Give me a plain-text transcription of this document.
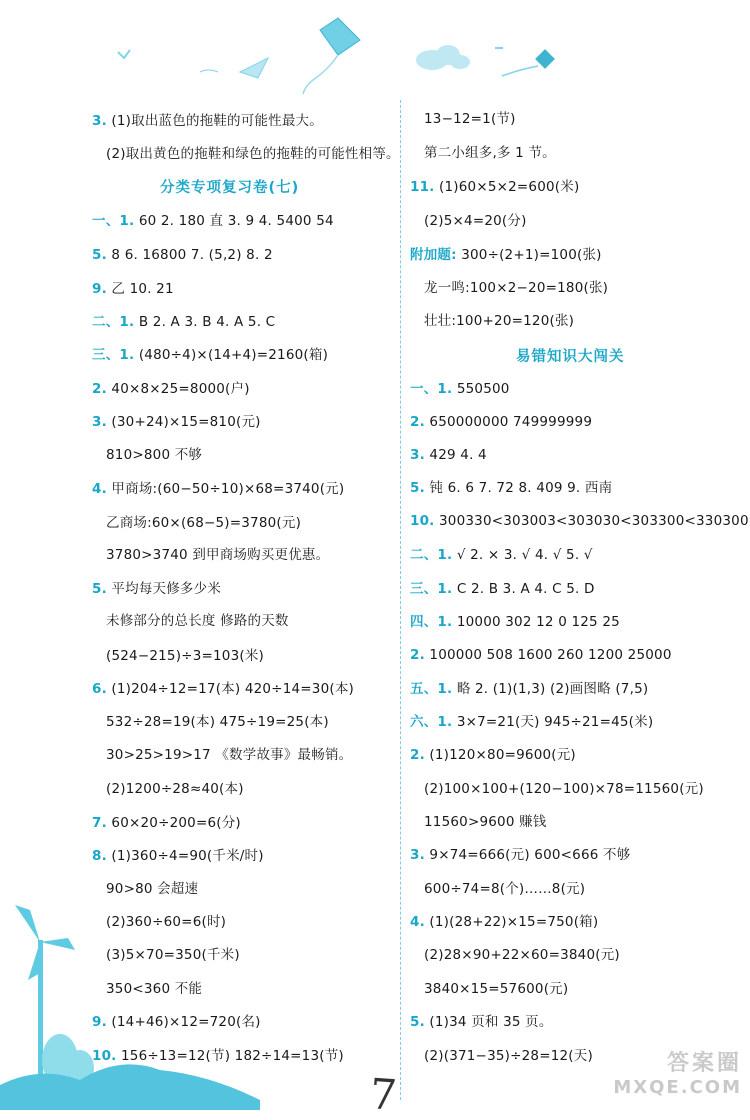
3. (1)取出蓝色的拖鞋的可能性最大。
(2)取出黄色的拖鞋和绿色的拖鞋的可能性相等。
一、1. 60 2. 180 直 3. 9 4. 5400 54
5. 8 6. 16800 7. (5,2) 8. 2
9. 乙 10. 21
二、1. B 2. A 3. B 4. A 5. C
三、1. (480÷4)×(14+4)=2160(箱)
2. 40×8×25=8000(户)
3. (30+24)×15=810(元)
810>800 不够
4. 甲商场:(60−50÷10)×68=3740(元)
乙商场:60×(68−5)=3780(元)
3780>3740 到甲商场购买更优惠。
5. 平均每天修多少米
未修部分的总长度 修路的天数
(524−215)÷3=103(米)
6. (1)204÷12=17(本) 420÷14=30(本)
532÷28=19(本) 475÷19=25(本)
30>25>19>17 《数学故事》最畅销。
(2)1200÷28≈40(本)
7. 60×20÷200=6(分)
8. (1)360÷4=90(千米/时)
90>80 会超速
(2)360÷60=6(时)
(3)5×70=350(千米)
350<360 不能
9. (14+46)×12=720(名)
10. 156÷13=12(节) 182÷14=13(节)
分类专项复习卷(七)
13−12=1(节)
第二小组多,多 1 节。
11. (1)60×5×2=600(米)
(2)5×4=20(分)
附加题: 300÷(2+1)=100(张)
龙一鸣:100×2−20=180(张)
壮壮:100+20=120(张)
一、1. 550500
2. 650000000 749999999
3. 429 4. 4
5. 钝 6. 6 7. 72 8. 409 9. 西南
10. 300330<303003<303030<303300<330300
二、1. √ 2. × 3. √ 4. √ 5. √
三、1. C 2. B 3. A 4. C 5. D
四、1. 10000 302 12 0 125 25
2. 100000 508 1600 260 1200 25000
五、1. 略 2. (1)(1,3) (2)画图略 (7,5)
六、1. 3×7=21(天) 945÷21=45(米)
2. (1)120×80=9600(元)
(2)100×100+(120−100)×78=11560(元)
11560>9600 赚钱
3. 9×74=666(元) 600<666 不够
600÷74=8(个)……8(元)
4. (1)(28+22)×15=750(箱)
(2)28×90+22×60=3840(元)
3840×15=57600(元)
5. (1)34 页和 35 页。
(2)(371−35)÷28=12(天)
易错知识大闯关
7
答案圈
MXQE.COM
